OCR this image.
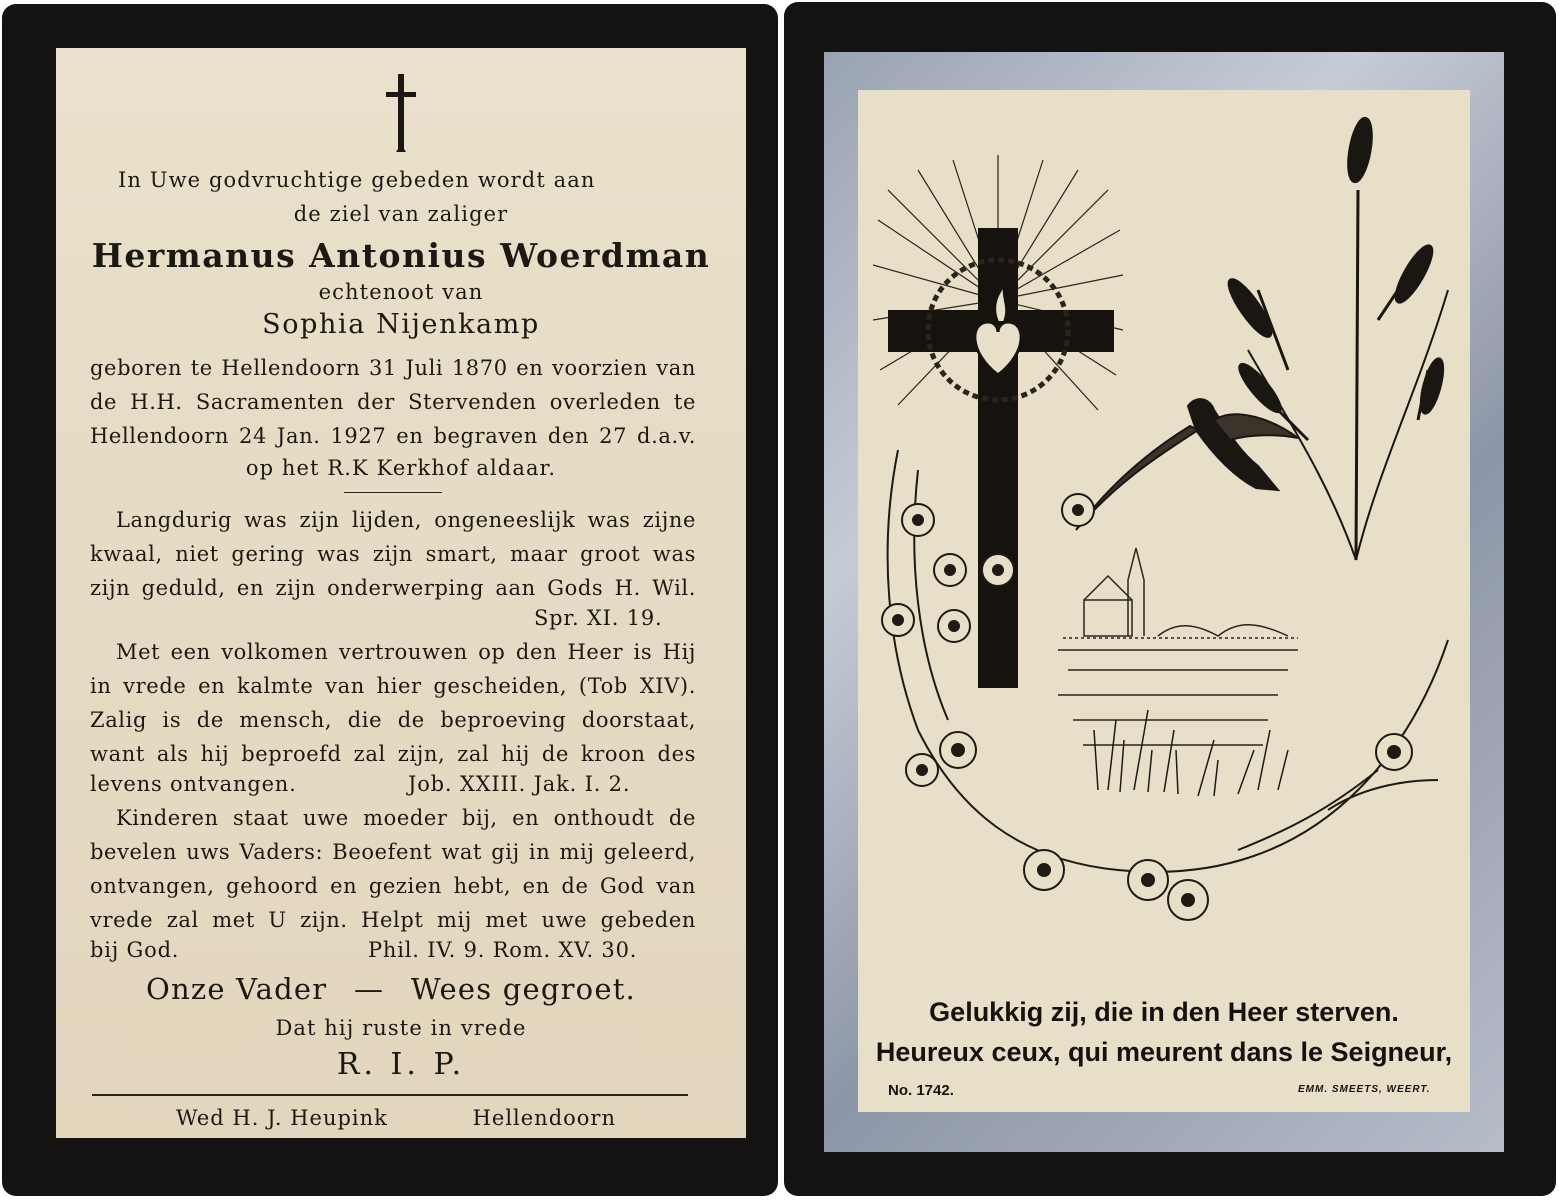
In Uwe godvruchtige gebeden wordt aan
de ziel van zaliger
Hermanus Antonius Woerdman
echtenoot van
Sophia Nijenkamp
geboren te Hellendoorn 31 Juli 1870 en voorzien van
de H.H. Sacramenten der Stervenden overleden te
Hellendoorn 24 Jan. 1927 en begraven den 27 d.a.v.
op het R.K Kerkhof aldaar.
Langdurig was zijn lijden, ongeneeslijk was zijne
kwaal, niet gering was zijn smart, maar groot was
zijn geduld, en zijn onderwerping aan Gods H. Wil.
Spr. XI. 19.
Met een volkomen vertrouwen op den Heer is Hij
in vrede en kalmte van hier gescheiden, (Tob XIV).
Zalig is de mensch, die de beproeving doorstaat,
want als hij beproefd zal zijn, zal hij de kroon des
levens ontvangen.	Job. XXIII. Jak. I. 2.
Kinderen staat uwe moeder bij, en onthoudt de
bevelen uws Vaders: Beoefent wat gij in mij geleerd,
ontvangen, gehoord en gezien hebt, en de God van
vrede zal met U zijn. Helpt mij met uwe gebeden
bij God.	Phil. IV. 9. Rom. XV. 30.
Onze Vader — Wees gegroet.
Dat hij ruste in vrede
R. I. P.
Wed H. J. Heupink	Hellendoorn
Gelukkig zij, die in den Heer sterven.
Heureux ceux, qui meurent dans le Seigneur,
No. 1742.	EMM. SMEETS, WEERT.
